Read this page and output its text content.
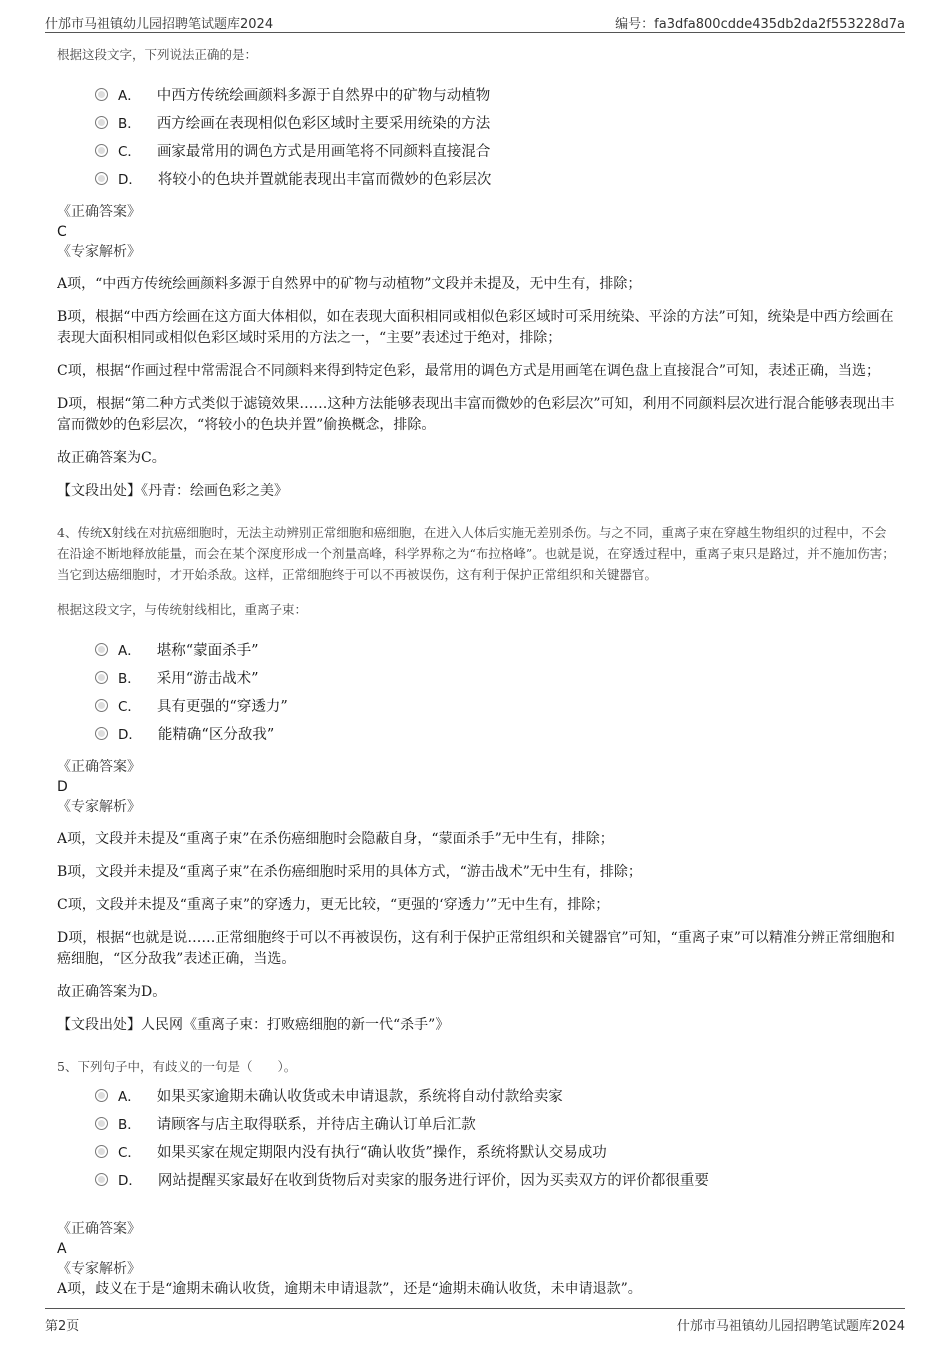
什邡市马祖镇幼儿园招聘笔试题库2024	编号：fa3dfa800cdde435db2da2f553228d7a

根据这段文字，下列说法正确的是：

A． 中西方传统绘画颜料多源于自然界中的矿物与动植物
B． 西方绘画在表现相似色彩区域时主要采用统染的方法
C． 画家最常用的调色方式是用画笔将不同颜料直接混合
D． 将较小的色块并置就能表现出丰富而微妙的色彩层次

《正确答案》

C

《专家解析》

A项，“中西方传统绘画颜料多源于自然界中的矿物与动植物”文段并未提及，无中生有，排除；

B项，根据“中西方绘画在这方面大体相似，如在表现大面积相同或相似色彩区域时可采用统染、平涂的方法”可知，统染是中西方绘画在表现大面积相同或相似色彩区域时采用的方法之一，“主要”表述过于绝对，排除；

C项，根据“作画过程中常需混合不同颜料来得到特定色彩，最常用的调色方式是用画笔在调色盘上直接混合”可知，表述正确，当选；

D项，根据“第二种方式类似于滤镜效果……这种方法能够表现出丰富而微妙的色彩层次”可知，利用不同颜料层次进行混合能够表现出丰富而微妙的色彩层次，“将较小的色块并置”偷换概念，排除。

故正确答案为C。

【文段出处】《丹青：绘画色彩之美》

4、传统X射线在对抗癌细胞时，无法主动辨别正常细胞和癌细胞，在进入人体后实施无差别杀伤。与之不同，重离子束在穿越生物组织的过程中，不会在沿途不断地释放能量，而会在某个深度形成一个剂量高峰，科学界称之为“布拉格峰”。也就是说，在穿透过程中，重离子束只是路过，并不施加伤害；当它到达癌细胞时，才开始杀敌。这样，正常细胞终于可以不再被误伤，这有利于保护正常组织和关键器官。

根据这段文字，与传统射线相比，重离子束：

A． 堪称“蒙面杀手”
B． 采用“游击战术”
C． 具有更强的“穿透力”
D． 能精确“区分敌我”

《正确答案》

D

《专家解析》

A项，文段并未提及“重离子束”在杀伤癌细胞时会隐蔽自身，“蒙面杀手”无中生有，排除；

B项，文段并未提及“重离子束”在杀伤癌细胞时采用的具体方式，“游击战术”无中生有，排除；

C项，文段并未提及“重离子束”的穿透力，更无比较，“更强的‘穿透力’”无中生有，排除；

D项，根据“也就是说……正常细胞终于可以不再被误伤，这有利于保护正常组织和关键器官”可知，“重离子束”可以精准分辨正常细胞和癌细胞，“区分敌我”表述正确，当选。

故正确答案为D。

【文段出处】人民网《重离子束：打败癌细胞的新一代“杀手”》

5、下列句子中，有歧义的一句是（　　）。

A． 如果买家逾期未确认收货或未申请退款，系统将自动付款给卖家
B． 请顾客与店主取得联系，并待店主确认订单后汇款
C． 如果买家在规定期限内没有执行“确认收货”操作，系统将默认交易成功
D． 网站提醒买家最好在收到货物后对卖家的服务进行评价，因为买卖双方的评价都很重要

《正确答案》

A

《专家解析》

A项，歧义在于是“逾期未确认收货，逾期未申请退款”，还是“逾期未确认收货，未申请退款”。

第2页	什邡市马祖镇幼儿园招聘笔试题库2024
